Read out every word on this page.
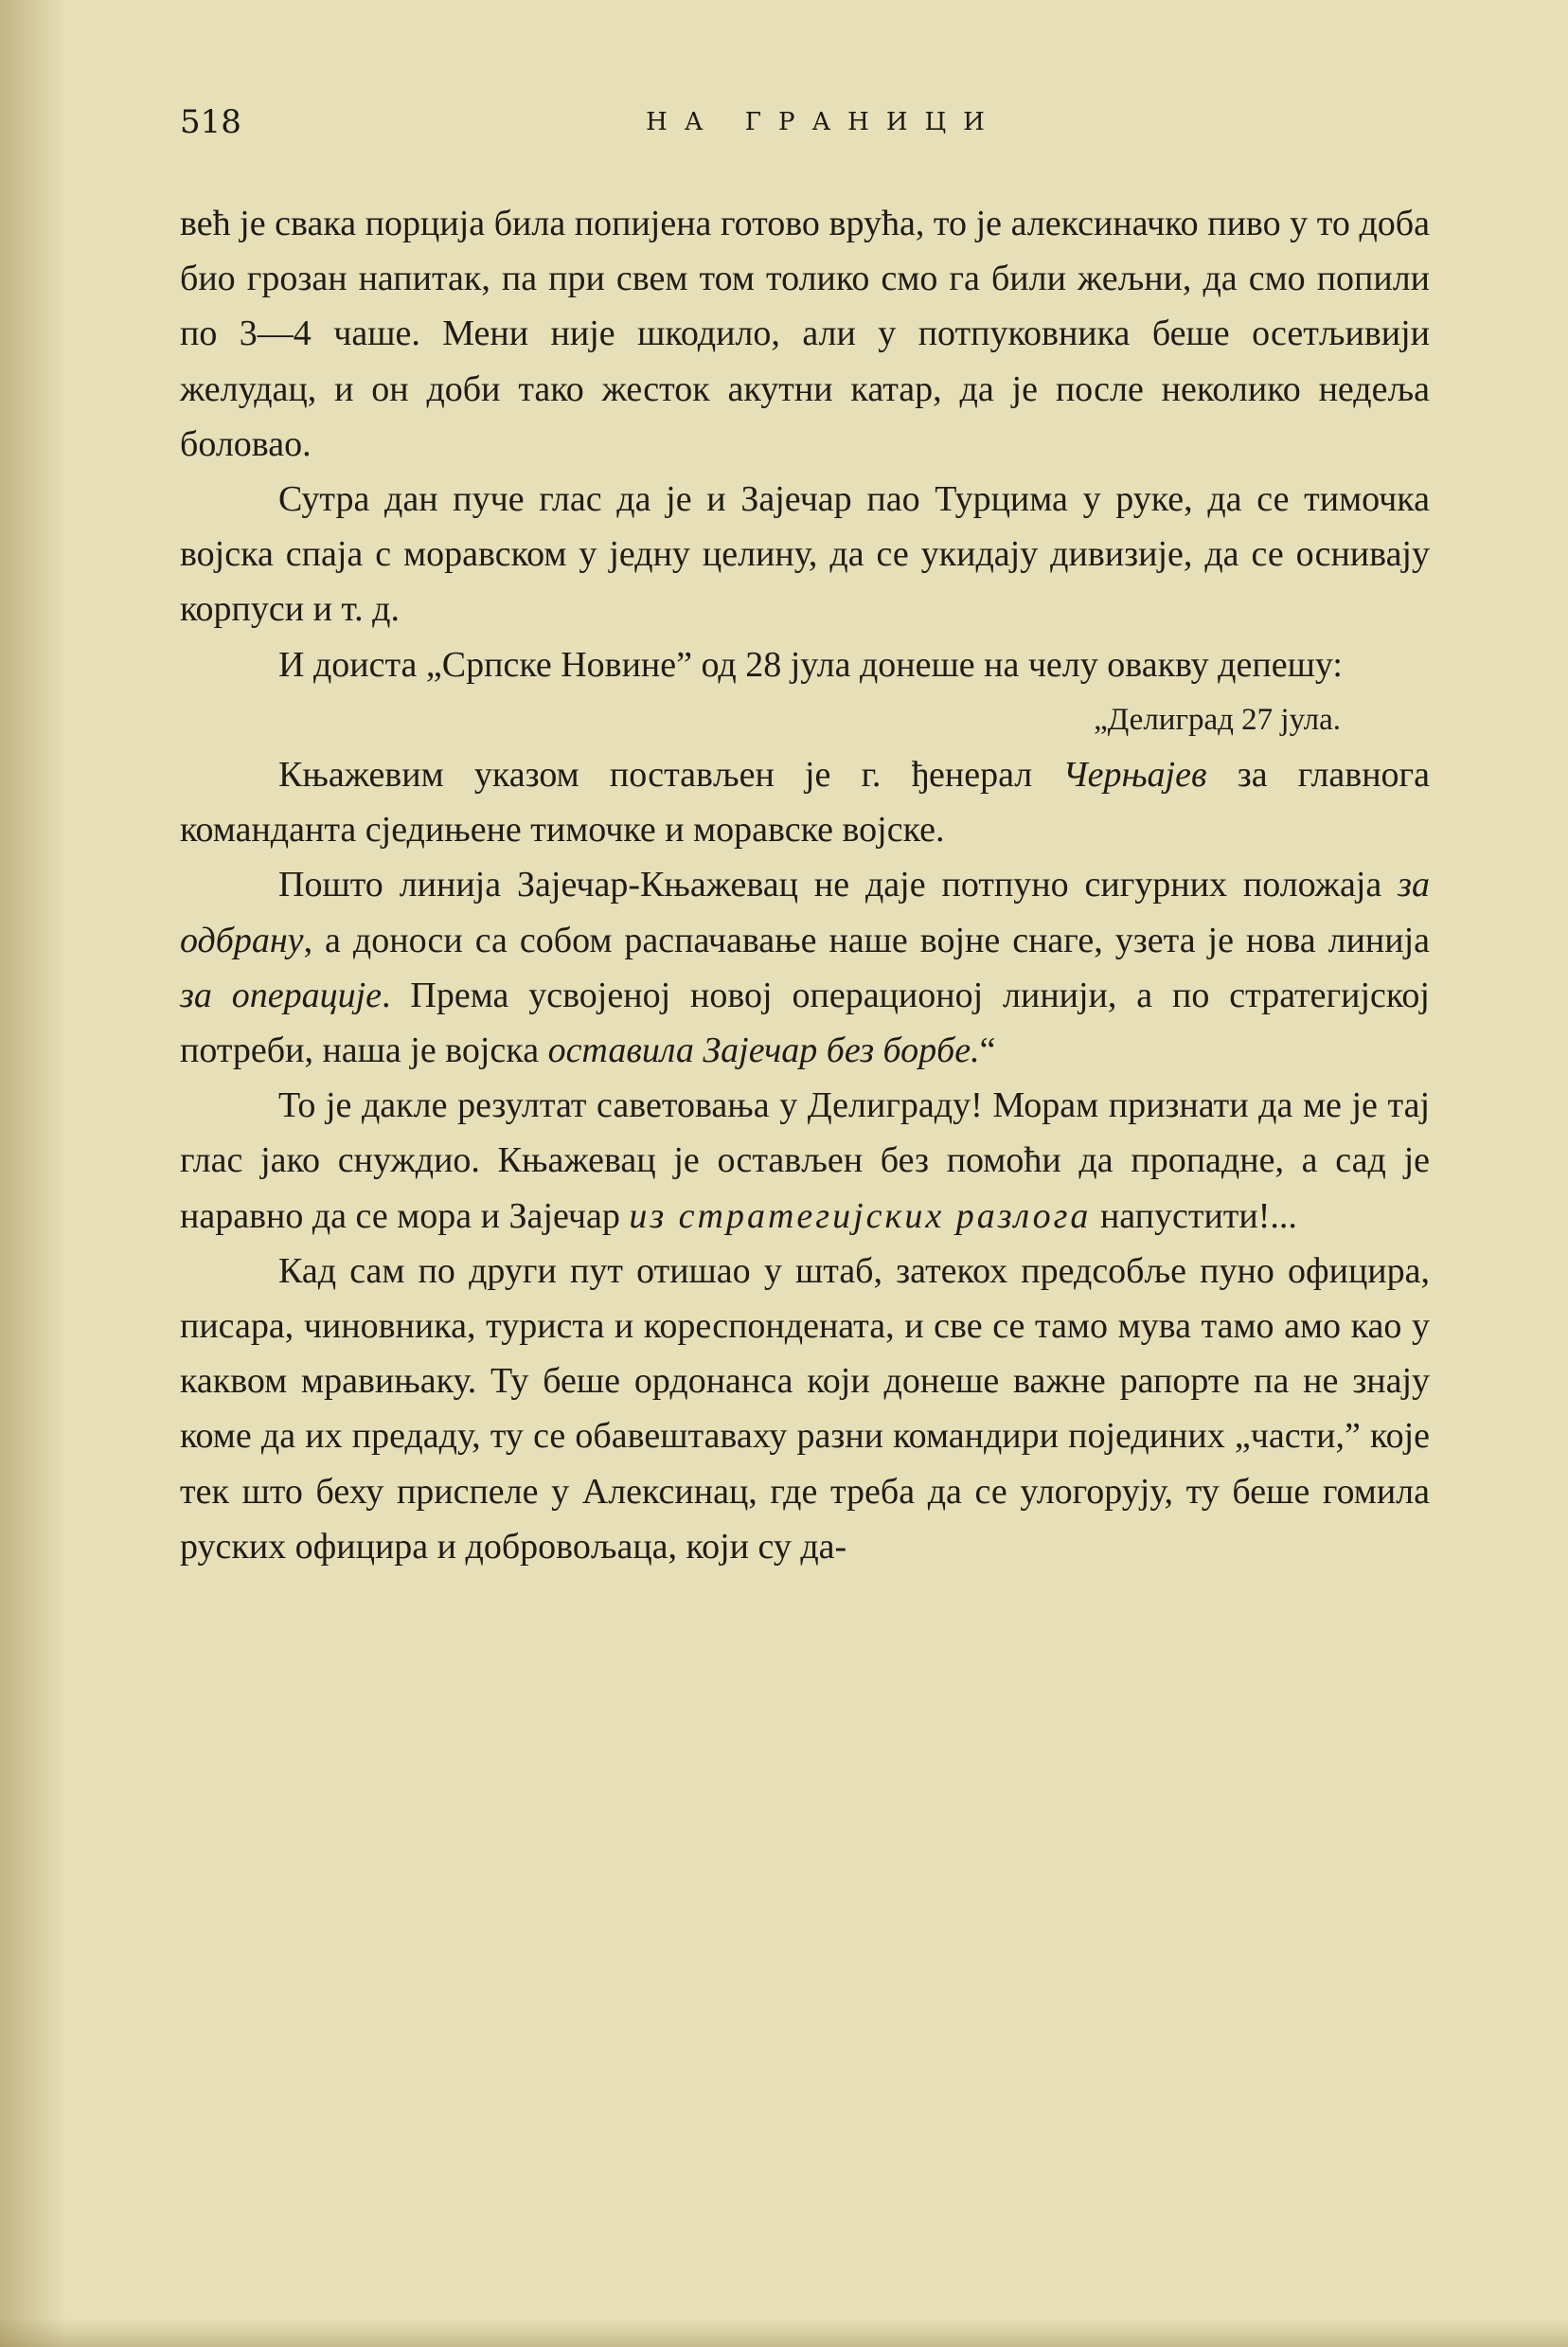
518	НА ГРАНИЦИ

већ је свака порција била попијена готово врућа, то је алексиначко пиво у то доба био грозан напитак, па при свем том толико смо га били жељни, да смо попили по 3—4 чаше. Мени није шкодило, али у потпуковника беше осетљивији желудац, и он доби тако жесток акутни катар, да је после неколико недеља боловао.

Сутра дан пуче глас да је и Зајечар пао Турцима у руке, да се тимочка војска спаја с моравском у једну целину, да се укидају дивизије, да се оснивају корпуси и т. д.

И доиста „Српске Новине” од 28 јула донеше на челу овакву депешу:

„Делиград 27 јула.

Књажевим указом постављен је г. ђенерал Черњајев за главнога команданта сједињене тимочке и моравске војске.

Пошто линија Зајечар-Књажевац не даје потпуно сигурних положаја за одбрану, а доноси са собом распачавање наше војне снаге, узета је нова линија за операције. Према усвојеној новој операционој линији, а по стратегијској потреби, наша је војска оставила Зајечар без борбе.“

То је дакле резултат саветовања у Делиграду! Морам признати да ме је тај глас јако снуждио. Књажевац је остављен без помоћи да пропадне, а сад је наравно да се мора и Зајечар из стратегијских разлога напустити!...

Кад сам по други пут отишао у штаб, затекох предсобље пуно официра, писара, чиновника, туриста и кореспондената, и све се тамо мува тамо амо као у каквом мравињаку. Ту беше ордонанса који донеше важне рапорте па не знају коме да их предаду, ту се обавештаваху разни командири појединих „части,” које тек што беху приспеле у Алексинац, где треба да се улогорују, ту беше гомила руских официра и добровољаца, који су да-
